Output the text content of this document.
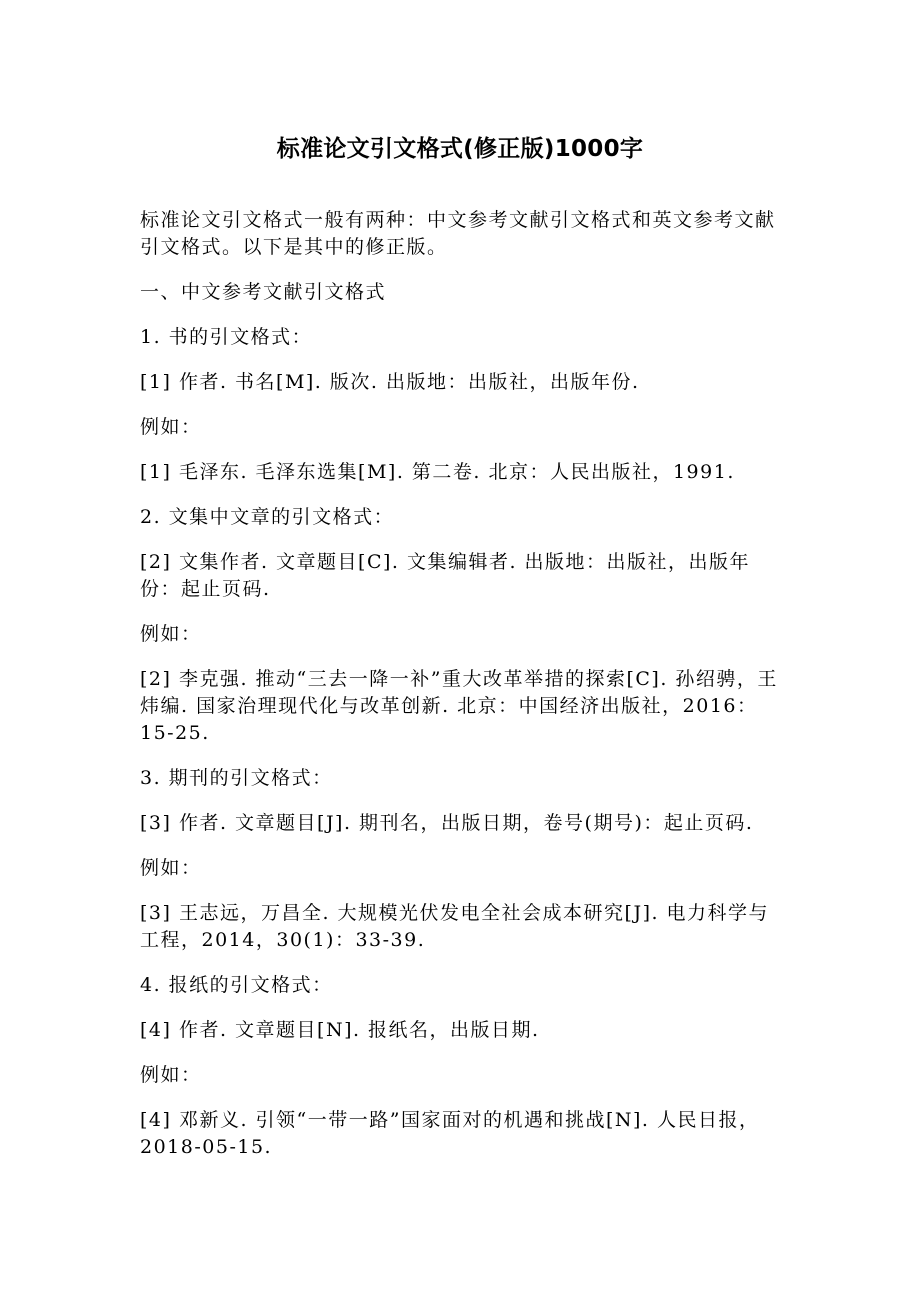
标准论文引文格式(修正版)1000字

标准论文引文格式一般有两种：中文参考文献引文格式和英文参考文献引文格式。以下是其中的修正版。

一、中文参考文献引文格式

1. 书的引文格式：

[1] 作者. 书名[M]. 版次. 出版地：出版社，出版年份.

例如：

[1] 毛泽东. 毛泽东选集[M]. 第二卷. 北京：人民出版社，1991.

2. 文集中文章的引文格式：

[2] 文集作者. 文章题目[C]. 文集编辑者. 出版地：出版社，出版年份：起止页码.

例如：

[2] 李克强. 推动“三去一降一补”重大改革举措的探索[C]. 孙绍骋，王炜编. 国家治理现代化与改革创新. 北京：中国经济出版社，2016：15-25.

3. 期刊的引文格式：

[3] 作者. 文章题目[J]. 期刊名，出版日期，卷号(期号)：起止页码.

例如：

[3] 王志远，万昌全. 大规模光伏发电全社会成本研究[J]. 电力科学与工程，2014，30(1)：33-39.

4. 报纸的引文格式：

[4] 作者. 文章题目[N]. 报纸名，出版日期.

例如：

[4] 邓新义. 引领“一带一路”国家面对的机遇和挑战[N]. 人民日报，2018-05-15.
